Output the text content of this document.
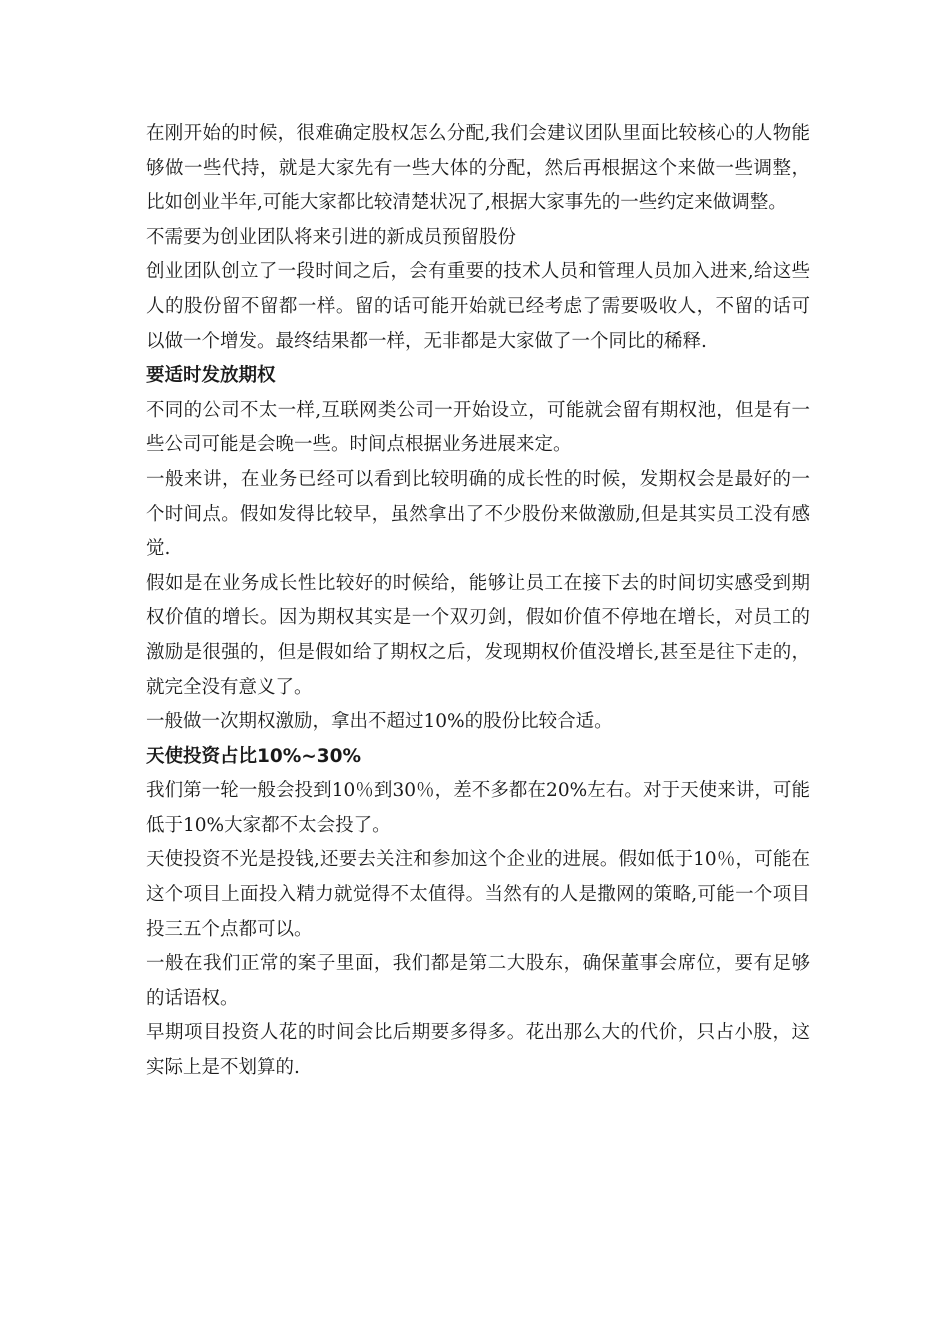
在刚开始的时候，很难确定股权怎么分配,我们会建议团队里面比较核心的人物能够做一些代持，就是大家先有一些大体的分配，然后再根据这个来做一些调整，比如创业半年,可能大家都比较清楚状况了,根据大家事先的一些约定来做调整。

不需要为创业团队将来引进的新成员预留股份

创业团队创立了一段时间之后，会有重要的技术人员和管理人员加入进来,给这些人的股份留不留都一样。留的话可能开始就已经考虑了需要吸收人，不留的话可以做一个增发。最终结果都一样，无非都是大家做了一个同比的稀释.

要适时发放期权

不同的公司不太一样,互联网类公司一开始设立，可能就会留有期权池，但是有一些公司可能是会晚一些。时间点根据业务进展来定。

一般来讲，在业务已经可以看到比较明确的成长性的时候，发期权会是最好的一个时间点。假如发得比较早，虽然拿出了不少股份来做激励,但是其实员工没有感觉.

假如是在业务成长性比较好的时候给，能够让员工在接下去的时间切实感受到期权价值的增长。因为期权其实是一个双刃剑，假如价值不停地在增长，对员工的激励是很强的，但是假如给了期权之后，发现期权价值没增长,甚至是往下走的，就完全没有意义了。

一般做一次期权激励，拿出不超过10%的股份比较合适。

天使投资占比10%~30%

我们第一轮一般会投到10％到30％，差不多都在20%左右。对于天使来讲，可能低于10%大家都不太会投了。

天使投资不光是投钱,还要去关注和参加这个企业的进展。假如低于10％，可能在这个项目上面投入精力就觉得不太值得。当然有的人是撒网的策略,可能一个项目投三五个点都可以。

一般在我们正常的案子里面，我们都是第二大股东，确保董事会席位，要有足够的话语权。

早期项目投资人花的时间会比后期要多得多。花出那么大的代价，只占小股，这实际上是不划算的.
